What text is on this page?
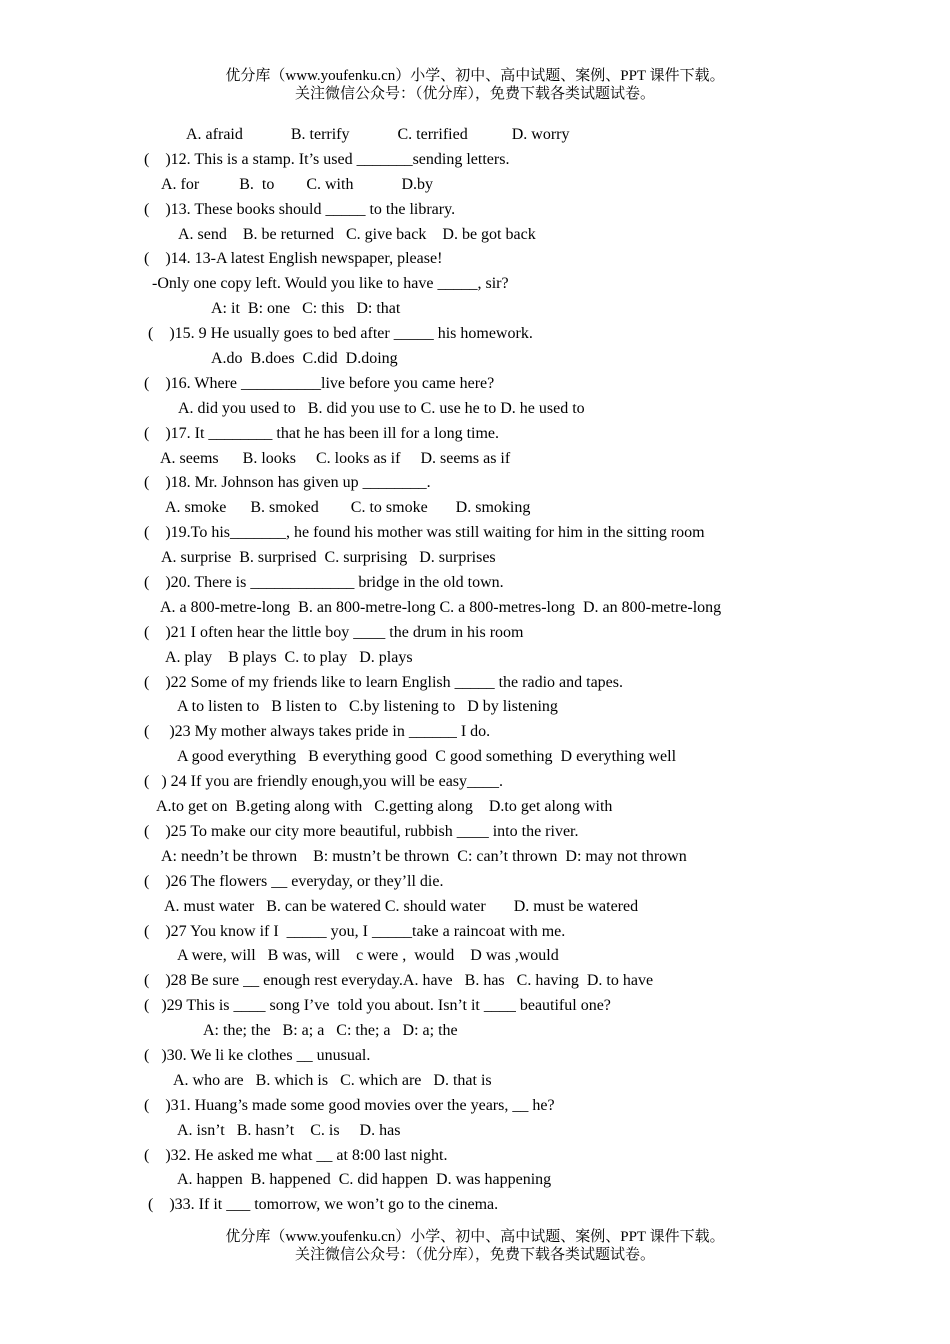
优分库（www.youfenku.cn）小学、初中、高中试题、案例、PPT 课件下载。
关注微信公众号：（优分库），免费下载各类试题试卷。
A. afraid            B. terrify            C. terrified           D. worry
(    )12. This is a stamp. It’s used _______sending letters.
A. for          B.  to        C. with            D.by
(    )13. These books should _____ to the library.
A. send    B. be returned   C. give back    D. be got back
(    )14. 13-A latest English newspaper, please!
-Only one copy left. Would you like to have _____, sir?
A: it  B: one   C: this   D: that
(    )15. 9 He usually goes to bed after _____ his homework.
A.do  B.does  C.did  D.doing
(    )16. Where __________live before you came here?
A. did you used to   B. did you use to C. use he to D. he used to
(    )17. It ________ that he has been ill for a long time.
A. seems      B. looks     C. looks as if     D. seems as if
(    )18. Mr. Johnson has given up ________.
A. smoke      B. smoked        C. to smoke       D. smoking
(    )19.To his_______, he found his mother was still waiting for him in the sitting room
A. surprise  B. surprised  C. surprising   D. surprises
(    )20. There is _____________ bridge in the old town.
A. a 800-metre-long  B. an 800-metre-long C. a 800-metres-long  D. an 800-metre-long
(    )21 I often hear the little boy ____ the drum in his room
A. play    B plays  C. to play   D. plays
(    )22 Some of my friends like to learn English _____ the radio and tapes.
A to listen to   B listen to   C.by listening to   D by listening
(     )23 My mother always takes pride in ______ I do.
A good everything   B everything good  C good something  D everything well
(   ) 24 If you are friendly enough,you will be easy____.
A.to get on  B.geting along with   C.getting along    D.to get along with
(    )25 To make our city more beautiful, rubbish ____ into the river.
A: needn’t be thrown    B: mustn’t be thrown  C: can’t thrown  D: may not thrown
(    )26 The flowers __ everyday, or they’ll die.
A. must water   B. can be watered C. should water       D. must be watered
(    )27 You know if I  _____ you, I _____take a raincoat with me.
A were, will   B was, will    c were ,  would    D was ,would
(    )28 Be sure __ enough rest everyday.A. have   B. has   C. having  D. to have
(   )29 This is ____ song I’ve  told you about. Isn’t it ____ beautiful one?
A: the; the   B: a; a   C: the; a   D: a; the
(   )30. We li ke clothes __ unusual.
A. who are   B. which is   C. which are   D. that is
(    )31. Huang’s made some good movies over the years, __ he?
A. isn’t   B. hasn’t    C. is     D. has
(    )32. He asked me what __ at 8:00 last night.
A. happen  B. happened  C. did happen  D. was happening
(    )33. If it ___ tomorrow, we won’t go to the cinema.
优分库（www.youfenku.cn）小学、初中、高中试题、案例、PPT 课件下载。
关注微信公众号：（优分库），免费下载各类试题试卷。
